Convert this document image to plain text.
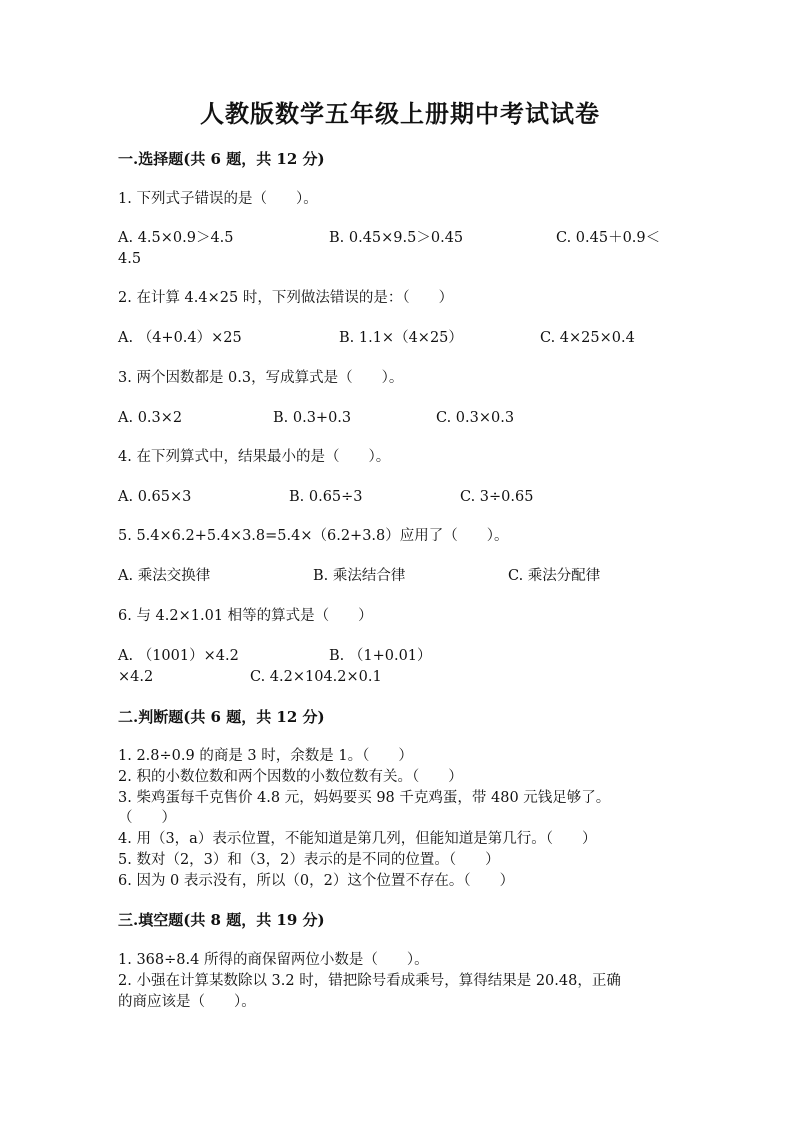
人教版数学五年级上册期中考试试卷
一.选择题(共 6 题，共 12 分)
1. 下列式子错误的是（　　）。
A. 4.5×0.9＞4.5	B. 0.45×9.5＞0.45	C. 0.45＋0.9＜
4.5
2. 在计算 4.4×25 时，下列做法错误的是：（　　）
A. （4+0.4）×25	B. 1.1×（4×25）	C. 4×25×0.4
3. 两个因数都是 0.3，写成算式是（　　）。
A. 0.3×2	B. 0.3+0.3	C. 0.3×0.3
4. 在下列算式中，结果最小的是（　　）。
A. 0.65×3	B. 0.65÷3	C. 3÷0.65
5. 5.4×6.2+5.4×3.8=5.4×（6.2+3.8）应用了（　　）。
A. 乘法交换律	B. 乘法结合律	C. 乘法分配律
6. 与 4.2×1.01 相等的算式是（　　）
A. （1001）×4.2	B. （1+0.01）
×4.2	C. 4.2×104.2×0.1
二.判断题(共 6 题，共 12 分)
1. 2.8÷0.9 的商是 3 时，余数是 1。（　　）
2. 积的小数位数和两个因数的小数位数有关。（　　）
3. 柴鸡蛋每千克售价 4.8 元，妈妈要买 98 千克鸡蛋，带 480 元钱足够了。
（　　）
4. 用（3，a）表示位置，不能知道是第几列，但能知道是第几行。（　　）
5. 数对（2，3）和（3，2）表示的是不同的位置。（　　）
6. 因为 0 表示没有，所以（0，2）这个位置不存在。（　　）
三.填空题(共 8 题，共 19 分)
1. 368÷8.4 所得的商保留两位小数是（　　）。
2. 小强在计算某数除以 3.2 时，错把除号看成乘号，算得结果是 20.48，正确
的商应该是（　　）。
